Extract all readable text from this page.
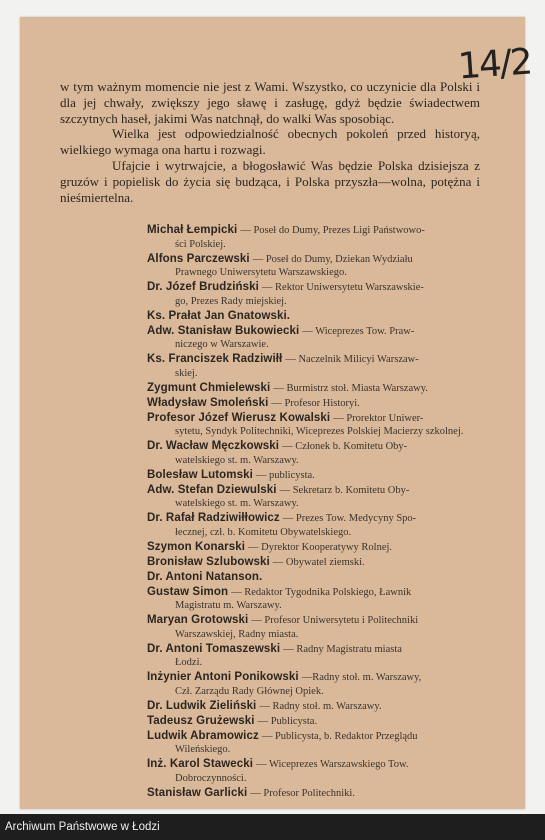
14/2

w tym ważnym momencie nie jest z Wami. Wszystko, co uczynicie dla Polski i dla jej chwały, zwiększy jego sławę i zasługę, gdyż będzie świadectwem szczytnych haseł, jakimi Was natchnął, do walki Was sposobiąc.

Wielka jest odpowiedzialność obecnych pokoleń przed historyą, wielkiego wymaga ona hartu i rozwagi.

Ufajcie i wytrwajcie, a błogosławić Was będzie Polska dzisiejsza z gruzów i popielisk do życia się budząca, i Polska przyszła—wolna, potężna i nieśmiertelna.

Michał Łempicki — Poseł do Dumy, Prezes Ligi Państwowo-
ści Polskiej.
Alfons Parczewski — Poseł do Dumy, Dziekan Wydziału
Prawnego Uniwersytetu Warszawskiego.
Dr. Józef Brudziński — Rektor Uniwersytetu Warszawskie-
go, Prezes Rady miejskiej.
Ks. Prałat Jan Gnatowski.
Adw. Stanisław Bukowiecki — Wiceprezes Tow. Praw-
niczego w Warszawie.
Ks. Franciszek Radziwiłł — Naczelnik Milicyi Warszaw-
skiej.
Zygmunt Chmielewski — Burmistrz stoł. Miasta Warszawy.
Władysław Smoleński — Profesor Historyi.
Profesor Józef Wierusz Kowalski — Prorektor Uniwer-
sytetu, Syndyk Politechniki, Wiceprezes Polskiej Macierzy szkolnej.
Dr. Wacław Męczkowski — Członek b. Komitetu Oby-
watelskiego st. m. Warszawy.
Bolesław Lutomski — publicysta.
Adw. Stefan Dziewulski — Sekretarz b. Komitetu Oby-
watelskiego st. m. Warszawy.
Dr. Rafał Radziwiłłowicz — Prezes Tow. Medycyny Spo-
łecznej, czł. b. Komitetu Obywatelskiego.
Szymon Konarski — Dyrektor Kooperatywy Rolnej.
Bronisław Szlubowski — Obywatel ziemski.
Dr. Antoni Natanson.
Gustaw Simon — Redaktor Tygodnika Polskiego, Ławnik
Magistratu m. Warszawy.
Maryan Grotowski — Profesor Uniwersytetu i Politechniki
Warszawskiej, Radny miasta.
Dr. Antoni Tomaszewski — Radny Magistratu miasta
Łodzi.
Inżynier Antoni Ponikowski —Radny stoł. m. Warszawy,
Czł. Zarządu Rady Głównej Opiek.
Dr. Ludwik Zieliński — Radny stoł. m. Warszawy.
Tadeusz Grużewski — Publicysta.
Ludwik Abramowicz — Publicysta, b. Redaktor Przeglądu
Wileńskiego.
Inż. Karol Stawecki — Wiceprezes Warszawskiego Tow.
Dobroczynności.
Stanisław Garlicki — Profesor Politechniki.
Archiwum Państwowe w Łodzi
